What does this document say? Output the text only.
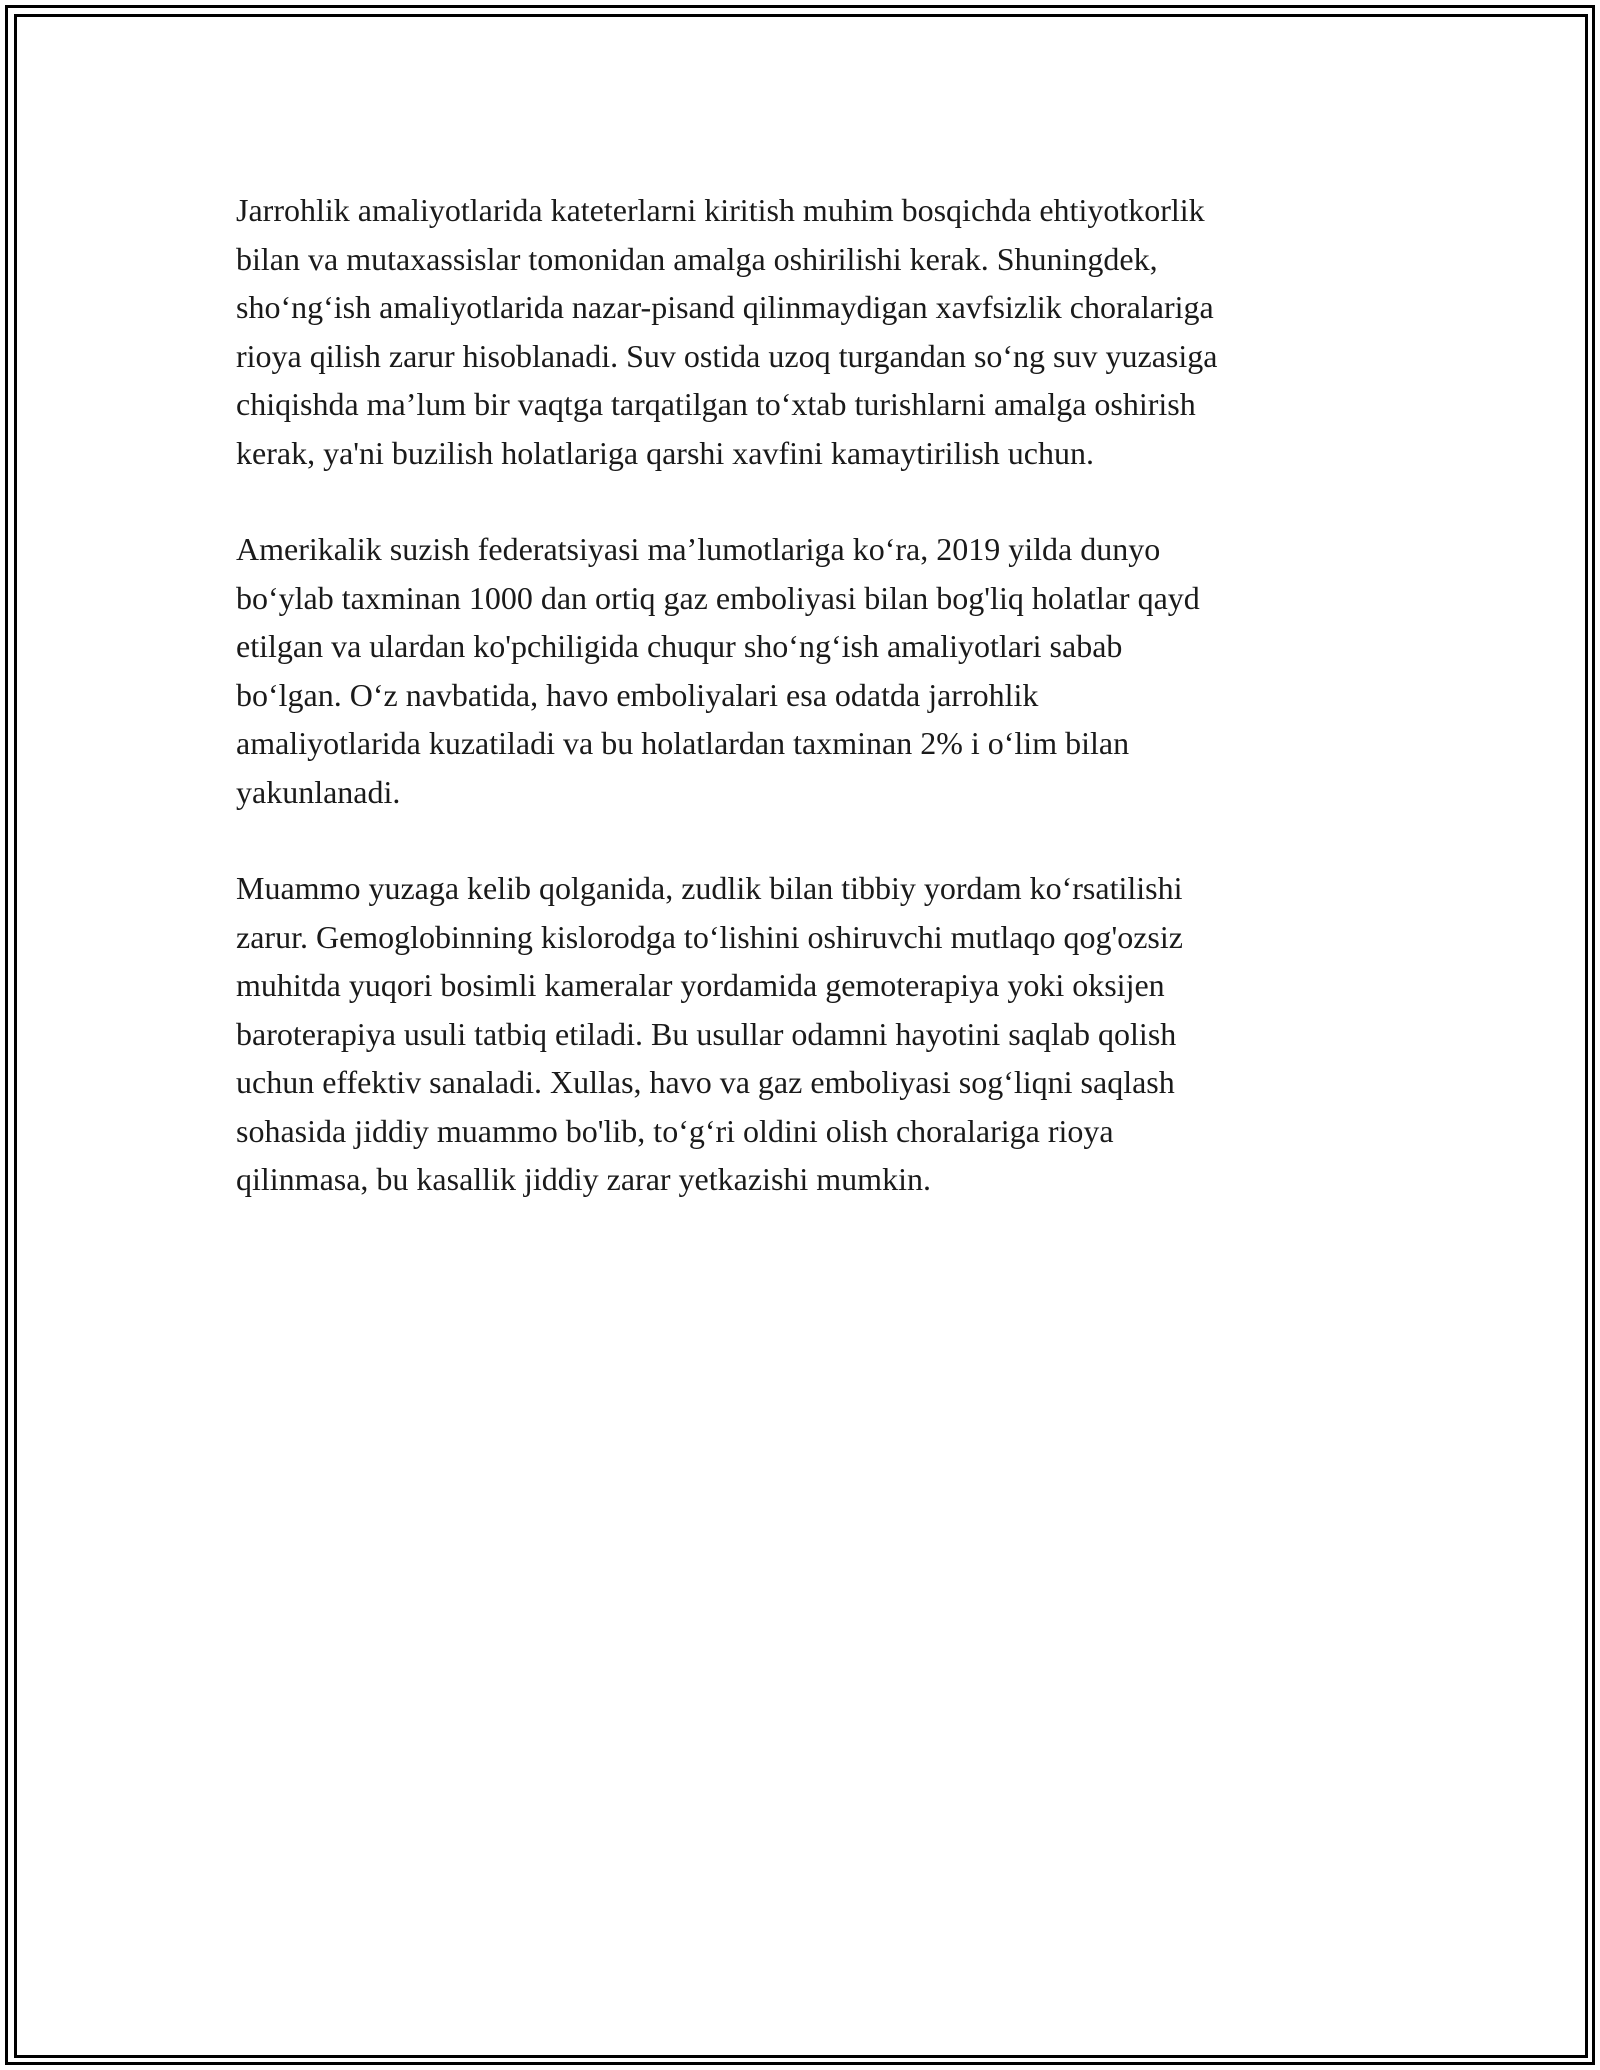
Jarrohlik amaliyotlarida kateterlarni kiritish muhim bosqichda ehtiyotkorlik
bilan va mutaxassislar tomonidan amalga oshirilishi kerak. Shuningdek,
sho‘ng‘ish amaliyotlarida nazar-pisand qilinmaydigan xavfsizlik choralariga
rioya qilish zarur hisoblanadi. Suv ostida uzoq turgandan so‘ng suv yuzasiga
chiqishda ma’lum bir vaqtga tarqatilgan to‘xtab turishlarni amalga oshirish
kerak, ya'ni buzilish holatlariga qarshi xavfini kamaytirilish uchun.

Amerikalik suzish federatsiyasi ma’lumotlariga ko‘ra, 2019 yilda dunyo
bo‘ylab taxminan 1000 dan ortiq gaz emboliyasi bilan bog'liq holatlar qayd
etilgan va ulardan ko'pchiligida chuqur sho‘ng‘ish amaliyotlari sabab
bo‘lgan. O‘z navbatida, havo emboliyalari esa odatda jarrohlik
amaliyotlarida kuzatiladi va bu holatlardan taxminan 2% i o‘lim bilan
yakunlanadi.

Muammo yuzaga kelib qolganida, zudlik bilan tibbiy yordam ko‘rsatilishi
zarur. Gemoglobinning kislorodga to‘lishini oshiruvchi mutlaqo qog'ozsiz
muhitda yuqori bosimli kameralar yordamida gemoterapiya yoki oksijen
baroterapiya usuli tatbiq etiladi. Bu usullar odamni hayotini saqlab qolish
uchun effektiv sanaladi. Xullas, havo va gaz emboliyasi sog‘liqni saqlash
sohasida jiddiy muammo bo'lib, to‘g‘ri oldini olish choralariga rioya
qilinmasa, bu kasallik jiddiy zarar yetkazishi mumkin.
